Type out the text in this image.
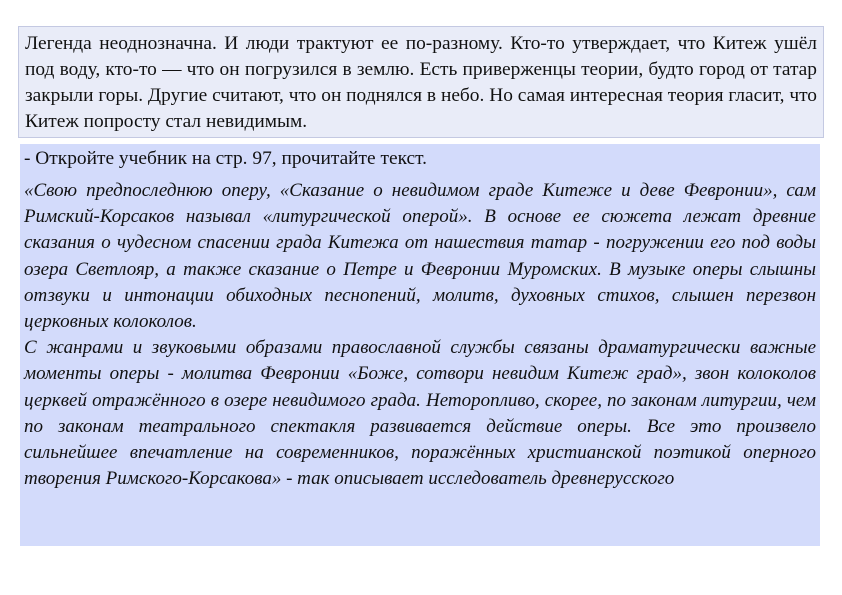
Легенда неоднозначна. И люди трактуют ее по-разному. Кто-то утверждает, что Китеж ушёл под воду, кто-то — что он погрузился в землю. Есть приверженцы теории, будто город от татар закрыли горы. Другие считают, что он поднялся в небо. Но самая интересная теория гласит, что Китеж попросту стал невидимым.

- Откройте учебник на стр. 97, прочитайте текст.

«Свою предпоследнюю оперу, «Сказание о невидимом граде Китеже и деве Февронии», сам Римский-Корсаков называл «литургической оперой». В основе ее сюжета лежат древние сказания о чудесном спасении града Китежа от нашествия татар - погружении его под воды озера Светлояр, а также сказание о Петре и Февронии Муромских. В музыке оперы слышны отзвуки и интонации обиходных песнопений, молитв, духовных стихов, слышен перезвон церковных колоколов.

С жанрами и звуковыми образами православной службы связаны драматургически важные моменты оперы - молитва Февронии «Боже, сотвори невидим Китеж град», звон колоколов церквей отражённого в озере невидимого града. Неторопливо, скорее, по законам литургии, чем по законам театрального спектакля развивается действие оперы. Все это произвело сильнейшее впечатление на современников, поражённых христианской поэтикой оперного творения Римского-Корсакова» - так описывает исследователь древнерусского
